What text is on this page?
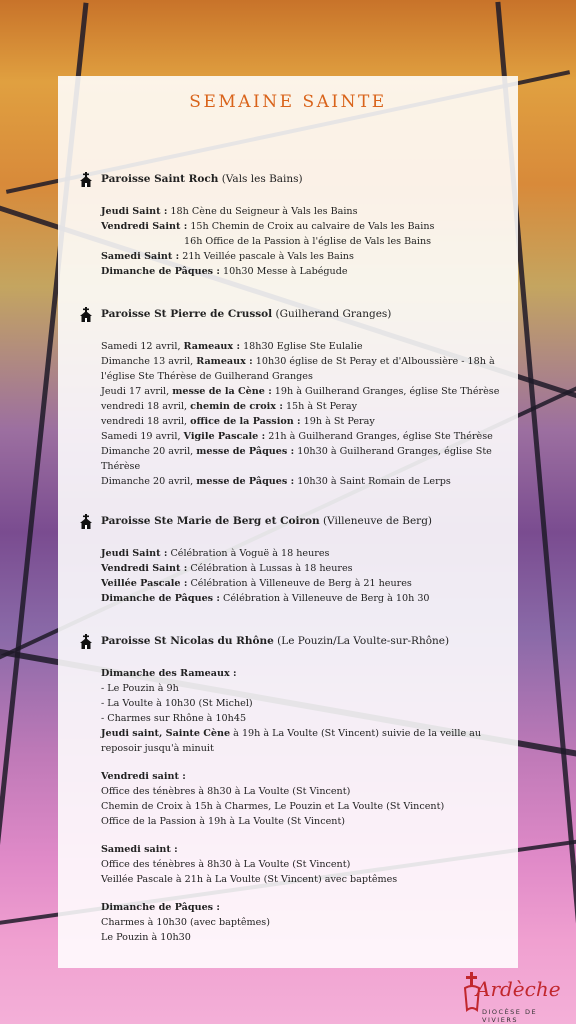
SEMAINE SAINTE
Paroisse Saint Roch (Vals les Bains)
Jeudi Saint : 18h Cène du Seigneur à Vals les Bains
Vendredi Saint : 15h Chemin de Croix au calvaire de Vals les Bains
16h Office de la Passion à l'église de Vals les Bains
Samedi Saint : 21h Veillée pascale à Vals les Bains
Dimanche de Pâques : 10h30 Messe à Labégude
Paroisse St Pierre de Crussol (Guilherand Granges)
Samedi 12 avril, Rameaux : 18h30 Eglise Ste Eulalie
Dimanche 13 avril, Rameaux : 10h30 église de St Peray et d'Alboussière - 18h à l'église Ste Thérèse de Guilherand Granges
Jeudi 17 avril, messe de la Cène : 19h à Guilherand Granges, église Ste Thérèse
vendredi 18 avril, chemin de croix : 15h à St Peray
vendredi 18 avril, office de la Passion : 19h à St Peray
Samedi 19 avril, Vigile Pascale : 21h à Guilherand Granges, église Ste Thérèse
Dimanche 20 avril, messe de Pâques : 10h30 à Guilherand Granges, église Ste Thérèse
Dimanche 20 avril, messe de Pâques : 10h30 à Saint Romain de Lerps
Paroisse Ste Marie de Berg et Coiron (Villeneuve de Berg)
Jeudi Saint : Célébration à Voguë à 18 heures
Vendredi Saint : Célébration à Lussas à 18 heures
Veillée Pascale : Célébration à Villeneuve de Berg à 21 heures
Dimanche de Pâques : Célébration à Villeneuve de Berg à 10h 30
Paroisse St Nicolas du Rhône (Le Pouzin/La Voulte-sur-Rhône)
Dimanche des Rameaux :
- Le Pouzin à 9h
- La Voulte à 10h30 (St Michel)
- Charmes sur Rhône à 10h45
Jeudi saint, Sainte Cène à 19h à La Voulte (St Vincent) suivie de la veille au reposoir jusqu'à minuit
Vendredi saint :
Office des ténèbres à 8h30 à La Voulte (St Vincent)
Chemin de Croix à 15h à Charmes, Le Pouzin et La Voulte (St Vincent)
Office de la Passion à 19h à La Voulte (St Vincent)
Samedi saint :
Office des ténèbres à 8h30 à La Voulte (St Vincent)
Veillée Pascale à 21h à La Voulte (St Vincent) avec baptêmes
Dimanche de Pâques :
Charmes à 10h30 (avec baptêmes)
Le Pouzin à 10h30
Ardèche
DIOCÈSE DE VIVIERS
